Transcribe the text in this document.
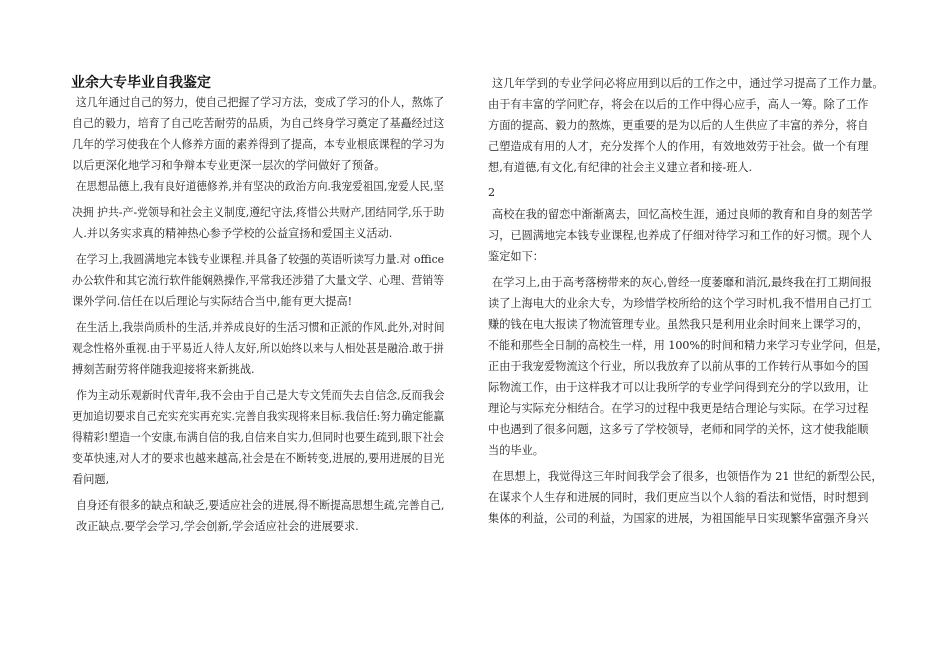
业余大专毕业自我鉴定
这几年通过自己的努力，使自己把握了学习方法，变成了学习的仆人，熬炼了
自己的毅力，培育了自己吃苦耐劳的品质，为自己终身学习奠定了基矗经过这
几年的学习使我在个人修养方面的素养得到了提高，本专业根底课程的学习为
以后更深化地学习和争辩本专业更深一层次的学问做好了预备。
在思想品德上,我有良好道德修养,并有坚决的政治方向.我宠爱祖国,宠爱人民,坚
决拥 护共-产-党领导和社会主义制度,遵纪守法,疼惜公共财产,团结同学,乐于助
人.并以务实求真的精神热心参予学校的公益宣扬和爱国主义活动.
在学习上,我圆满地完本钱专业课程.并具备了较强的英语听读写力量.对 office
办公软件和其它流行软件能娴熟操作,平常我还涉猎了大量文学、心理、营销等
课外学问.信任在以后理论与实际结合当中,能有更大提高!
在生活上,我崇尚质朴的生活,并养成良好的生活习惯和正派的作风.此外,对时间
观念性格外重视.由于平易近人待人友好,所以始终以来与人相处甚是融洽.敢于拼
搏刻苦耐劳将伴随我迎接将来新挑战.
作为主动乐观新时代青年,我不会由于自己是大专文凭而失去自信念,反而我会
更加追切要求自己充实充实再充实.完善自我实现将来目标.我信任:努力确定能赢
得精彩!塑造一个安康,布满自信的我,自信来自实力,但同时也要生疏到,眼下社会
变革快速,对人才的要求也越来越高,社会是在不断转变,进展的,要用进展的目光
看问题,
自身还有很多的缺点和缺乏,要适应社会的进展,得不断提高思想生疏,完善自己,
改正缺点.要学会学习,学会创新,学会适应社会的进展要求.
这几年学到的专业学问必将应用到以后的工作之中，通过学习提高了工作力量。
由于有丰富的学问贮存，将会在以后的工作中得心应手，高人一筹。除了工作
方面的提高、毅力的熬炼，更重要的是为以后的人生供应了丰富的养分，将自
己塑造成有用的人才，充分发挥个人的作用，有效地效劳于社会。做一个有理
想,有道德,有文化,有纪律的社会主义建立者和接-班人.
2
高校在我的留恋中渐渐离去，回忆高校生涯，通过良师的教育和自身的刻苦学
习，已圆满地完本钱专业课程,也养成了仔细对待学习和工作的好习惯。现个人
鉴定如下：
在学习上,由于高考落榜带来的灰心,曾经一度萎靡和消沉,最终我在打工期间报
读了上海电大的业余大专，为珍惜学校所给的这个学习时机,我不惜用自己打工
赚的钱在电大报读了物流管理专业。虽然我只是利用业余时间来上课学习的，
不能和那些全日制的高校生一样，用 100%的时间和精力来学习专业学问，但是，
正由于我宠爱物流这个行业，所以我放弃了以前从事的工作转行从事如今的国
际物流工作，由于这样我才可以让我所学的专业学问得到充分的学以致用，让
理论与实际充分相结合。在学习的过程中我更是结合理论与实际。在学习过程
中也遇到了很多问题，这多亏了学校领导，老师和同学的关怀，这才使我能顺
当的毕业。
在思想上，我觉得这三年时间我学会了很多，也领悟作为 21 世纪的新型公民，
在谋求个人生存和进展的同时，我们更应当以个人翁的看法和觉悟，时时想到
集体的利益，公司的利益，为国家的进展，为祖国能早日实现繁华富强齐身兴
